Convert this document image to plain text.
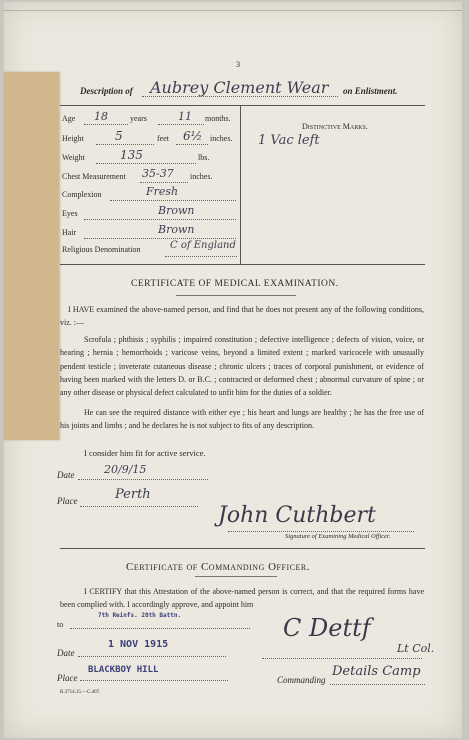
3
Description of Aubrey Clement Wear on Enlistment.
Age 18	years	11 months.
Height	5	feet 6½ inches.
Weight	135	lbs.
Chest Measurement 35-37 inches.
Complexion	Fresh
Eyes	Brown
Hair	Brown
Religious Denomination	C of England
Distinctive Marks.
1 Vac left
CERTIFICATE OF MEDICAL EXAMINATION.
I HAVE examined the above-named person, and find that he does not present any of the following conditions, viz. :—
Scrofula ; phthisis ; syphilis ; impaired constitution ; defective intelligence ; defects of vision, voice, or hearing ; hernia ; hemorrhoids ; varicose veins, beyond a limited extent ; marked varicocele with unusually pendent testicle ; inveterate cutaneous disease ; chronic ulcers ; traces of corporal punishment, or evidence of having been marked with the letters D. or B.C. ; contracted or deformed chest ; abnormal curvature of spine ; or any other disease or physical defect calculated to unfit him for the duties of a soldier.
He can see the required distance with either eye ; his heart and lungs are healthy ; he has the free use of his joints and limbs ; and he declares he is not subject to fits of any description.
I consider him fit for active service.
Date	20/9/15
Place	Perth
John Cuthbert
Signature of Examining Medical Officer.
Certificate of Commanding Officer.
I CERTIFY that this Attestation of the above-named person is correct, and that the required forms have been complied with. I accordingly approve, and appoint him
to
7th Reinfs. 28th Battn.
Date
1 NOV 1915
Place
BLACKBOY HILL
C Dettf
Lt Col.
Commanding
Details Camp
B.3714.15.—C.407.
